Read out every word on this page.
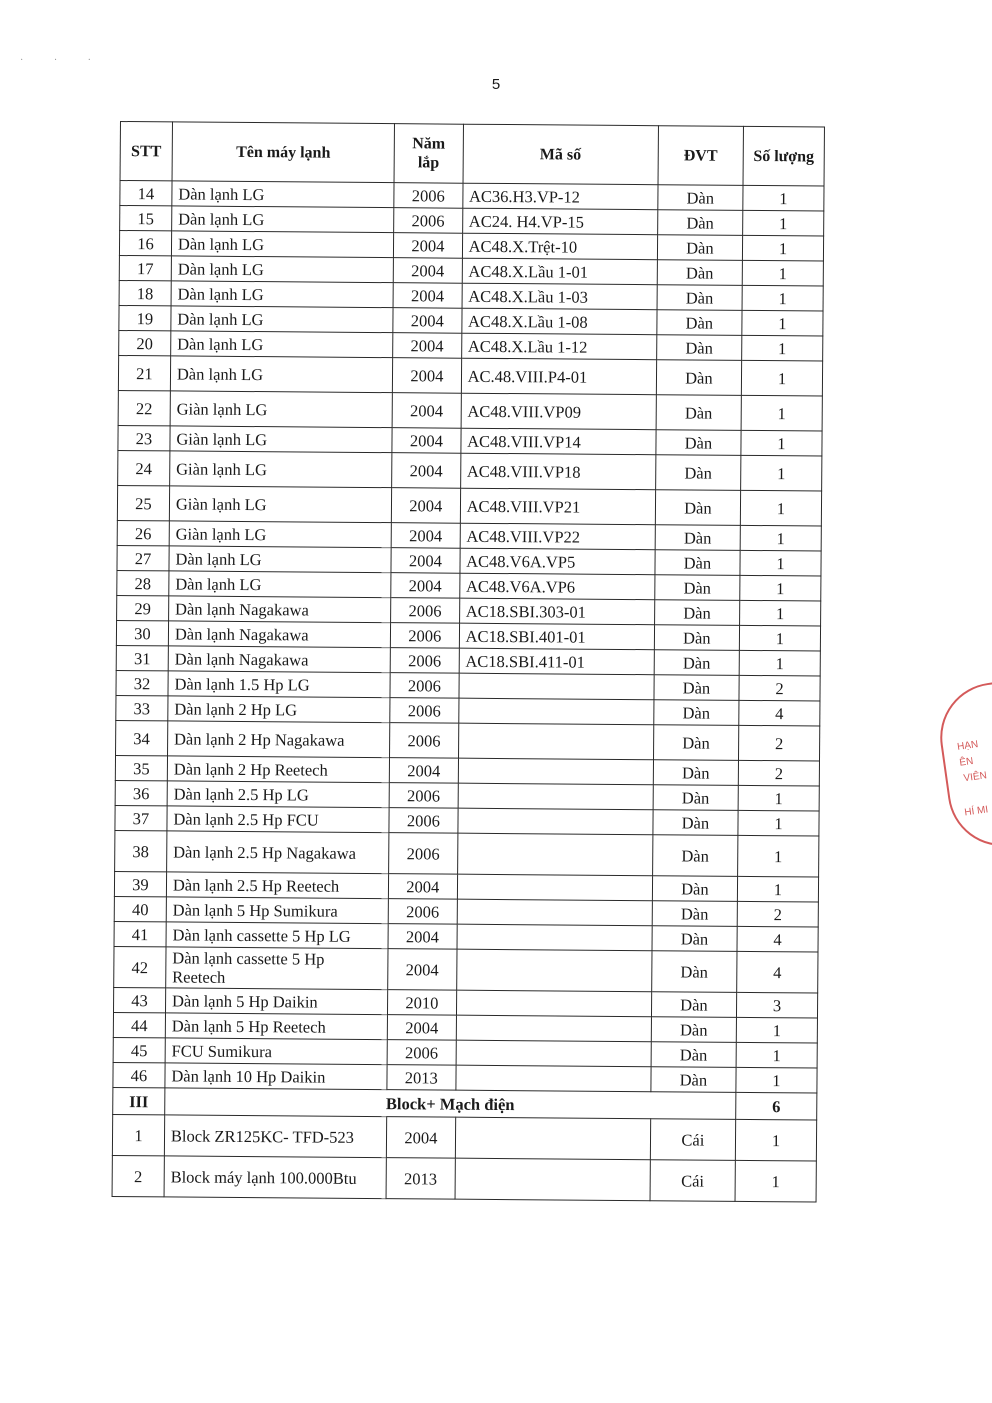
5
· · ·
STT	Tên máy lạnh	Năm lắp	Mã số	ĐVT	Số lượng
14	Dàn lạnh LG	2006	AC36.H3.VP-12	Dàn	1
15	Dàn lạnh LG	2006	AC24. H4.VP-15	Dàn	1
16	Dàn lạnh LG	2004	AC48.X.Trệt-10	Dàn	1
17	Dàn lạnh LG	2004	AC48.X.Lầu 1-01	Dàn	1
18	Dàn lạnh LG	2004	AC48.X.Lầu 1-03	Dàn	1
19	Dàn lạnh LG	2004	AC48.X.Lầu 1-08	Dàn	1
20	Dàn lạnh LG	2004	AC48.X.Lầu 1-12	Dàn	1
21	Dàn lạnh LG	2004	AC.48.VIII.P4-01	Dàn	1
22	Giàn lạnh LG	2004	AC48.VIII.VP09	Dàn	1
23	Giàn lạnh LG	2004	AC48.VIII.VP14	Dàn	1
24	Giàn lạnh LG	2004	AC48.VIII.VP18	Dàn	1
25	Giàn lạnh LG	2004	AC48.VIII.VP21	Dàn	1
26	Giàn lạnh LG	2004	AC48.VIII.VP22	Dàn	1
27	Dàn lạnh LG	2004	AC48.V6A.VP5	Dàn	1
28	Dàn lạnh LG	2004	AC48.V6A.VP6	Dàn	1
29	Dàn lạnh Nagakawa	2006	AC18.SBI.303-01	Dàn	1
30	Dàn lạnh Nagakawa	2006	AC18.SBI.401-01	Dàn	1
31	Dàn lạnh Nagakawa	2006	AC18.SBI.411-01	Dàn	1
32	Dàn lạnh 1.5 Hp LG	2006		Dàn	2
33	Dàn lạnh 2 Hp LG	2006		Dàn	4
34	Dàn lạnh 2 Hp Nagakawa	2006		Dàn	2
35	Dàn lạnh 2 Hp Reetech	2004		Dàn	2
36	Dàn lạnh 2.5 Hp LG	2006		Dàn	1
37	Dàn lạnh 2.5 Hp FCU	2006		Dàn	1
38	Dàn lạnh 2.5 Hp Nagakawa	2006		Dàn	1
39	Dàn lạnh 2.5 Hp Reetech	2004		Dàn	1
40	Dàn lạnh 5 Hp Sumikura	2006		Dàn	2
41	Dàn lạnh cassette 5 Hp LG	2004		Dàn	4
42	Dàn lạnh cassette 5 Hp Reetech	2004		Dàn	4
43	Dàn lạnh 5 Hp Daikin	2010		Dàn	3
44	Dàn lạnh 5 Hp Reetech	2004		Dàn	1
45	FCU Sumikura	2006		Dàn	1
46	Dàn lạnh 10 Hp Daikin	2013		Dàn	1
III	Block+ Mạch điện				6
1	Block ZR125KC- TFD-523	2004		Cái	1
2	Block máy lạnh 100.000Btu	2013		Cái	1
HẠN
ÊN
VIÊN
HÍ MI
